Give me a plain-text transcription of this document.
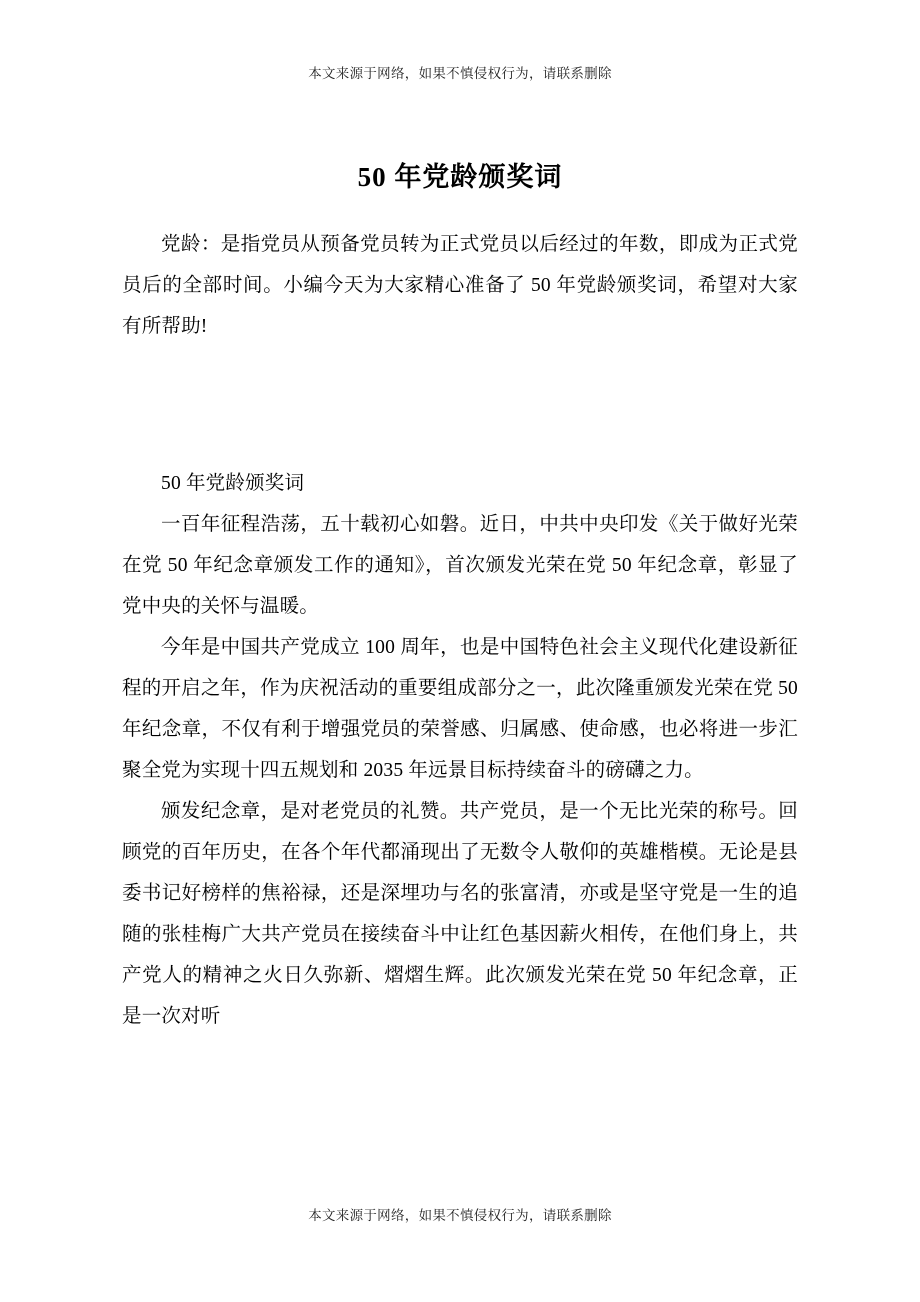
本文来源于网络，如果不慎侵权行为，请联系删除
50 年党龄颁奖词

党龄：是指党员从预备党员转为正式党员以后经过的年数，即成为正式党员后的全部时间。小编今天为大家精心准备了 50 年党龄颁奖词，希望对大家有所帮助!

50 年党龄颁奖词

一百年征程浩荡，五十载初心如磐。近日，中共中央印发《关于做好光荣在党 50 年纪念章颁发工作的通知》，首次颁发光荣在党 50 年纪念章，彰显了党中央的关怀与温暖。

今年是中国共产党成立 100 周年，也是中国特色社会主义现代化建设新征程的开启之年，作为庆祝活动的重要组成部分之一，此次隆重颁发光荣在党 50 年纪念章，不仅有利于增强党员的荣誉感、归属感、使命感，也必将进一步汇聚全党为实现十四五规划和 2035 年远景目标持续奋斗的磅礴之力。

颁发纪念章，是对老党员的礼赞。共产党员，是一个无比光荣的称号。回顾党的百年历史，在各个年代都涌现出了无数令人敬仰的英雄楷模。无论是县委书记好榜样的焦裕禄，还是深埋功与名的张富清，亦或是坚守党是一生的追随的张桂梅广大共产党员在接续奋斗中让红色基因薪火相传，在他们身上，共产党人的精神之火日久弥新、熠熠生辉。此次颁发光荣在党 50 年纪念章，正是一次对听

本文来源于网络，如果不慎侵权行为，请联系删除
